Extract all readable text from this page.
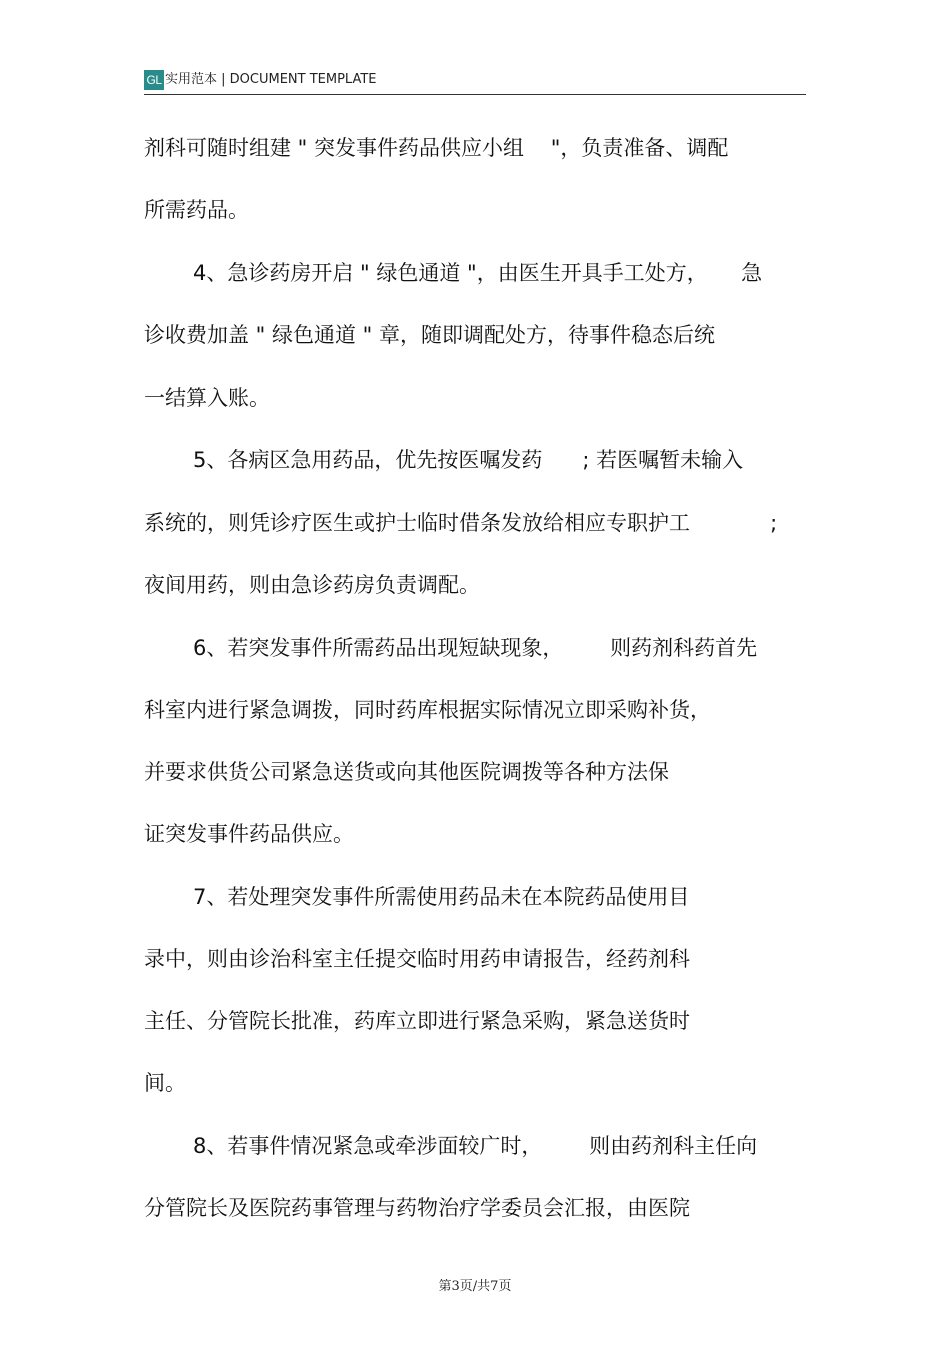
GL 实用范本 | DOCUMENT TEMPLATE
剂科可随时组建 " 突发事件药品供应小组    "，负责准备、调配
所需药品。
4、急诊药房开启 " 绿色通道 "，由医生开具手工处方，     急
诊收费加盖 " 绿色通道 " 章，随即调配处方，待事件稳态后统
一结算入账。
5、各病区急用药品，优先按医嘱发药      ; 若医嘱暂未输入
系统的，则凭诊疗医生或护士临时借条发放给相应专职护工            ;
夜间用药，则由急诊药房负责调配。
6、若突发事件所需药品出现短缺现象，       则药剂科药首先
科室内进行紧急调拨，同时药库根据实际情况立即采购补货，
并要求供货公司紧急送货或向其他医院调拨等各种方法保
证突发事件药品供应。
7、若处理突发事件所需使用药品未在本院药品使用目
录中，则由诊治科室主任提交临时用药申请报告，经药剂科
主任、分管院长批准，药库立即进行紧急采购，紧急送货时
间。
8、若事件情况紧急或牵涉面较广时，       则由药剂科主任向
分管院长及医院药事管理与药物治疗学委员会汇报，由医院
第3页/共7页
